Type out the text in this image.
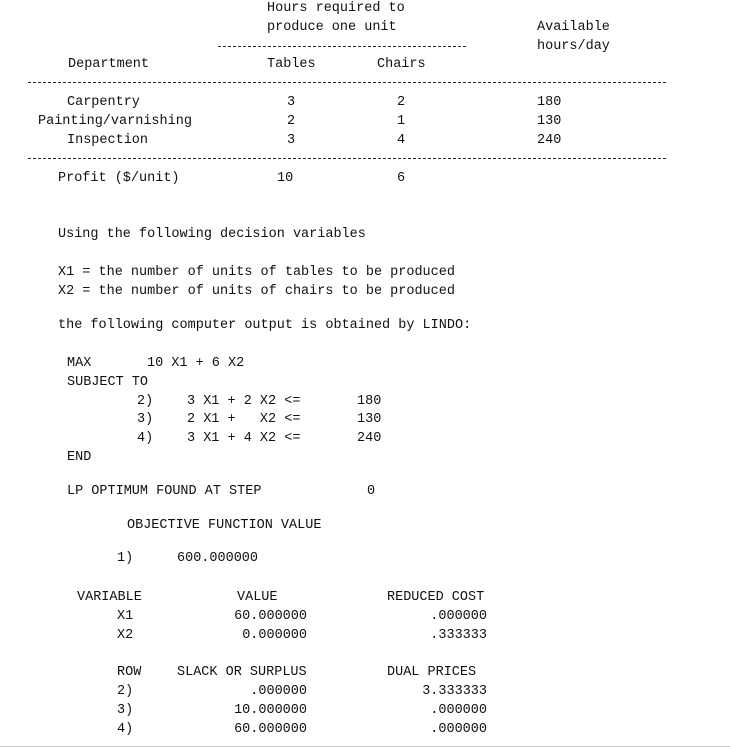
Hours required to
produce one unit	Available
hours/day
Department	Tables	Chairs
Carpentry	3	2	180
Painting/varnishing	2	1	130
Inspection	3	4	240
Profit ($/unit)	10	6
Using the following decision variables
X1 = the number of units of tables to be produced
X2 = the number of units of chairs to be produced
the following computer output is obtained by LINDO:
MAX	10 X1 + 6 X2
SUBJECT TO
2)	3 X1 + 2 X2 <=	180
3)	2 X1 +   X2 <=	130
4)	3 X1 + 4 X2 <=	240
END
LP OPTIMUM FOUND AT STEP	0
OBJECTIVE FUNCTION VALUE
1)	600.000000
VARIABLE	VALUE	REDUCED COST
X1	60.000000	.000000
X2	0.000000	.333333
ROW	SLACK OR SURPLUS	DUAL PRICES
2)	.000000	3.333333
3)	10.000000	.000000
4)	60.000000	.000000
